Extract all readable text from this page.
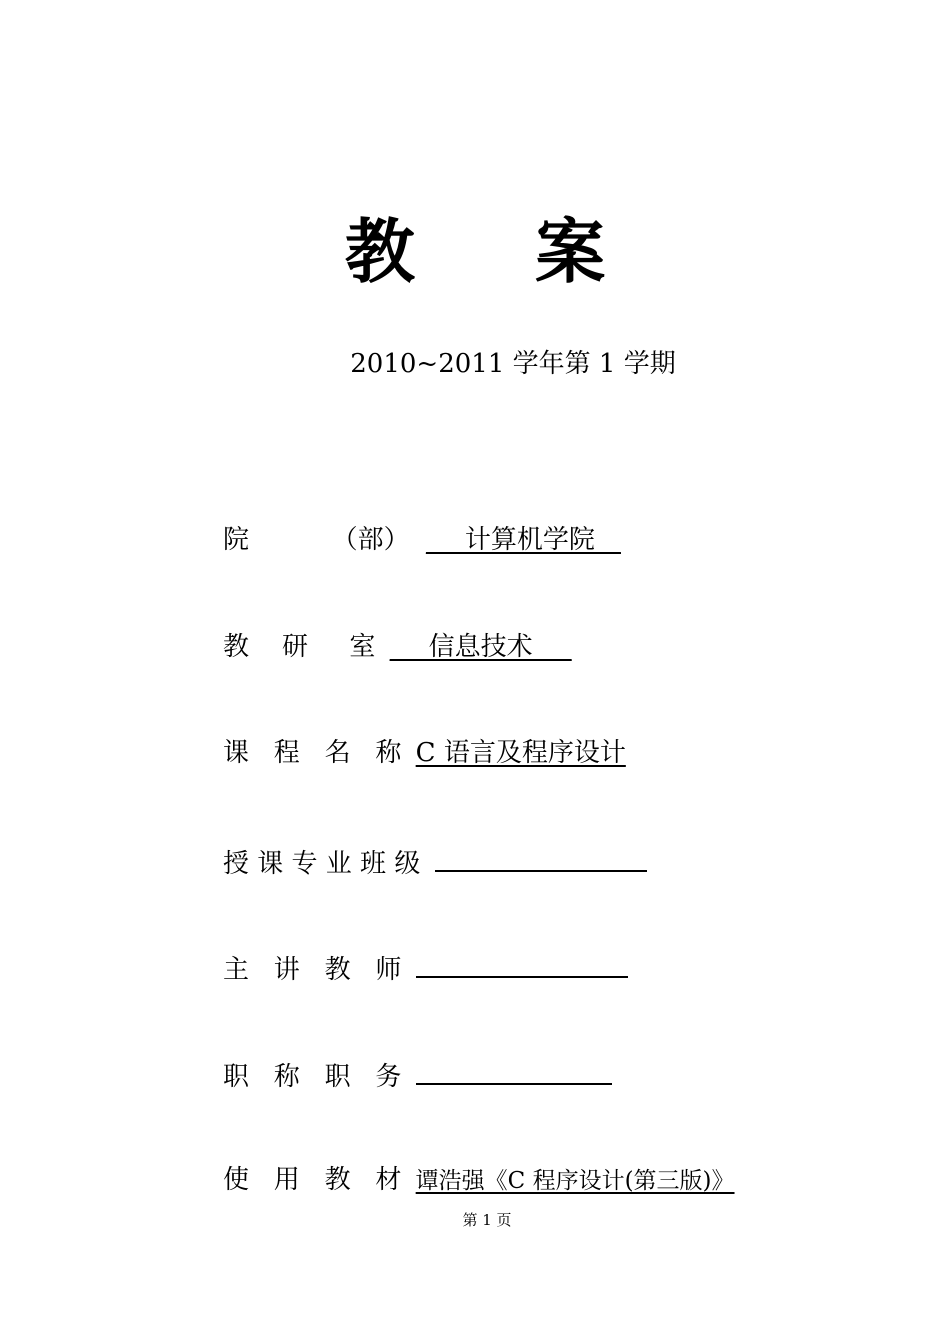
教 案
2010~2011 学年第 1 学期
院          （部） ___计算机学院__
教    研     室 ___信息技术___
课   程   名   称 C 语言及程序设计
授 课 专 业 班 级
主   讲   教   师
职   称   职   务
使   用   教   材 谭浩强《C 程序设计(第三版)》
第 1 页
